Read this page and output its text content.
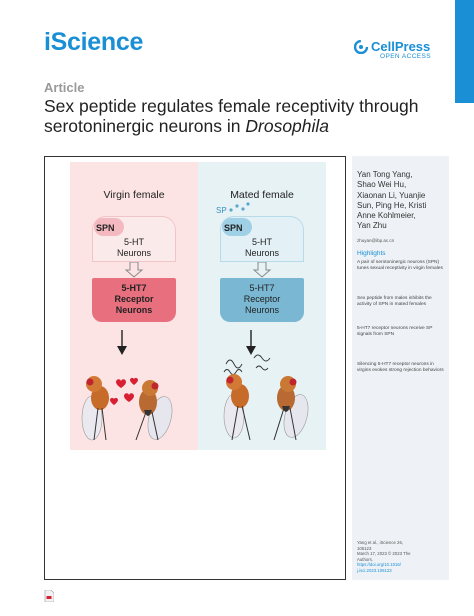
iScience	CellPress
OPEN ACCESS
Article
Sex peptide regulates female receptivity through serotoninergic neurons in Drosophila
Virgin female	Mated female
SPN
5-HT
Neurons
5-HT7
Receptor
Neurons
SP
SPN
5-HT
Neurons
5-HT7
Receptor
Neurons
Yan Tong Yang,
Shao Wei Hu,
Xiaonan Li, Yuanjie
Sun, Ping He, Kristi
Anne Kohlmeier,
Yan Zhu
zhuyan@ibp.ac.cn
Highlights
A pair of serotoninergic neurons (SPN) tunes sexual receptivity in virgin females
Sex peptide from males inhibits the activity of SPN in mated females
5-HT7 receptor neurons receive SP signals from SPN
Silencing 5-HT7 receptor neurons in virgins evokes strong rejection behaviors
Yang et al., iScience 26,
106123
March 17, 2023 © 2023 The
Authors.
https://doi.org/10.1016/
j.isci.2023.106123
